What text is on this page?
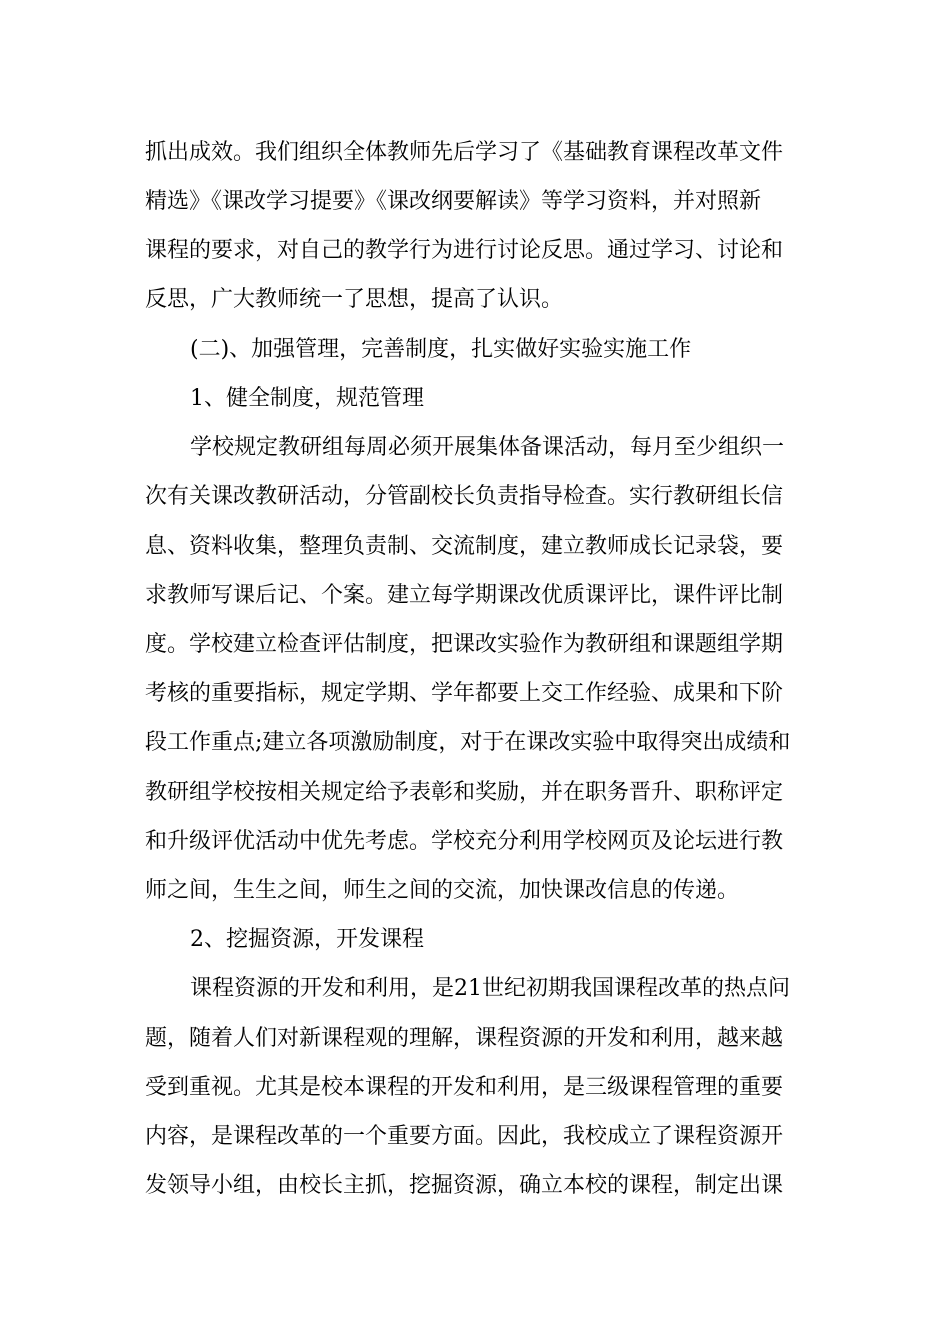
抓出成效。我们组织全体教师先后学习了《基础教育课程改革文件
精选》《课改学习提要》《课改纲要解读》等学习资料，并对照新
课程的要求，对自己的教学行为进行讨论反思。通过学习、讨论和
反思，广大教师统一了思想，提高了认识。
(二)、加强管理，完善制度，扎实做好实验实施工作
1、健全制度，规范管理
学校规定教研组每周必须开展集体备课活动，每月至少组织一
次有关课改教研活动，分管副校长负责指导检查。实行教研组长信
息、资料收集，整理负责制、交流制度，建立教师成长记录袋，要
求教师写课后记、个案。建立每学期课改优质课评比，课件评比制
度。学校建立检查评估制度，把课改实验作为教研组和课题组学期
考核的重要指标，规定学期、学年都要上交工作经验、成果和下阶
段工作重点;建立各项激励制度，对于在课改实验中取得突出成绩和
教研组学校按相关规定给予表彰和奖励，并在职务晋升、职称评定
和升级评优活动中优先考虑。学校充分利用学校网页及论坛进行教
师之间，生生之间，师生之间的交流，加快课改信息的传递。
2、挖掘资源，开发课程
课程资源的开发和利用，是21世纪初期我国课程改革的热点问
题，随着人们对新课程观的理解，课程资源的开发和利用，越来越
受到重视。尤其是校本课程的开发和利用，是三级课程管理的重要
内容，是课程改革的一个重要方面。因此，我校成立了课程资源开
发领导小组，由校长主抓，挖掘资源，确立本校的课程，制定出课
